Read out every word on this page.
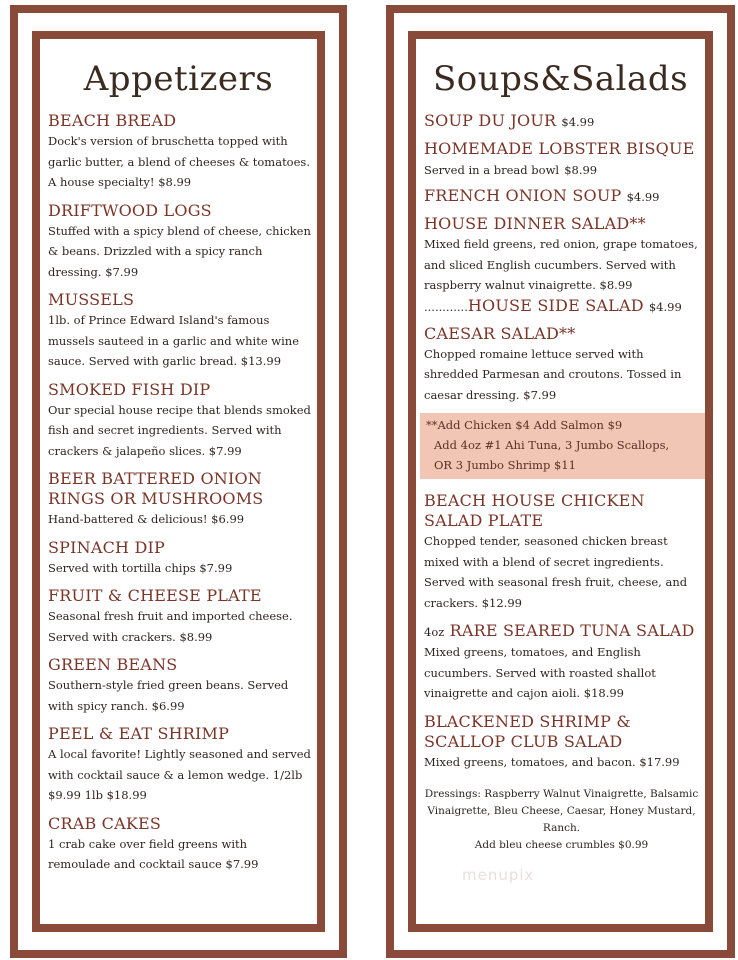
Appetizers
BEACH BREAD
Dock's version of bruschetta topped with garlic butter, a blend of cheeses & tomatoes. A house specialty! $8.99
DRIFTWOOD LOGS
Stuffed with a spicy blend of cheese, chicken & beans. Drizzled with a spicy ranch dressing. $7.99
MUSSELS
1lb. of Prince Edward Island's famous mussels sauteed in a garlic and white wine sauce. Served with garlic bread. $13.99
SMOKED FISH DIP
Our special house recipe that blends smoked fish and secret ingredients. Served with crackers & jalapeño slices. $7.99
BEER BATTERED ONION RINGS OR MUSHROOMS
Hand-battered & delicious! $6.99
SPINACH DIP
Served with tortilla chips $7.99
FRUIT & CHEESE PLATE
Seasonal fresh fruit and imported cheese. Served with crackers. $8.99
GREEN BEANS
Southern-style fried green beans. Served with spicy ranch. $6.99
PEEL & EAT SHRIMP
A local favorite! Lightly seasoned and served with cocktail sauce & a lemon wedge. 1/2lb $9.99 1lb $18.99
CRAB CAKES
1 crab cake over field greens with remoulade and cocktail sauce $7.99
Soups&Salads
SOUP DU JOUR $4.99
HOMEMADE LOBSTER BISQUE Served in a bread bowl $8.99
FRENCH ONION SOUP $4.99
HOUSE DINNER SALAD**
Mixed field greens, red onion, grape tomatoes, and sliced English cucumbers. Served with raspberry walnut vinaigrette. $8.99
............HOUSE SIDE SALAD $4.99
CAESAR SALAD**
Chopped romaine lettuce served with shredded Parmesan and croutons. Tossed in caesar dressing. $7.99
**Add Chicken $4 Add Salmon $9
Add 4oz #1 Ahi Tuna, 3 Jumbo Scallops,
OR 3 Jumbo Shrimp $11
BEACH HOUSE CHICKEN SALAD PLATE
Chopped tender, seasoned chicken breast mixed with a blend of secret ingredients. Served with seasonal fresh fruit, cheese, and crackers. $12.99
4oz RARE SEARED TUNA SALAD
Mixed greens, tomatoes, and English cucumbers. Served with roasted shallot vinaigrette and cajon aioli. $18.99
BLACKENED SHRIMP & SCALLOP CLUB SALAD
Mixed greens, tomatoes, and bacon. $17.99
Dressings: Raspberry Walnut Vinaigrette, Balsamic Vinaigrette, Bleu Cheese, Caesar, Honey Mustard, Ranch.
Add bleu cheese crumbles $0.99
menupix
